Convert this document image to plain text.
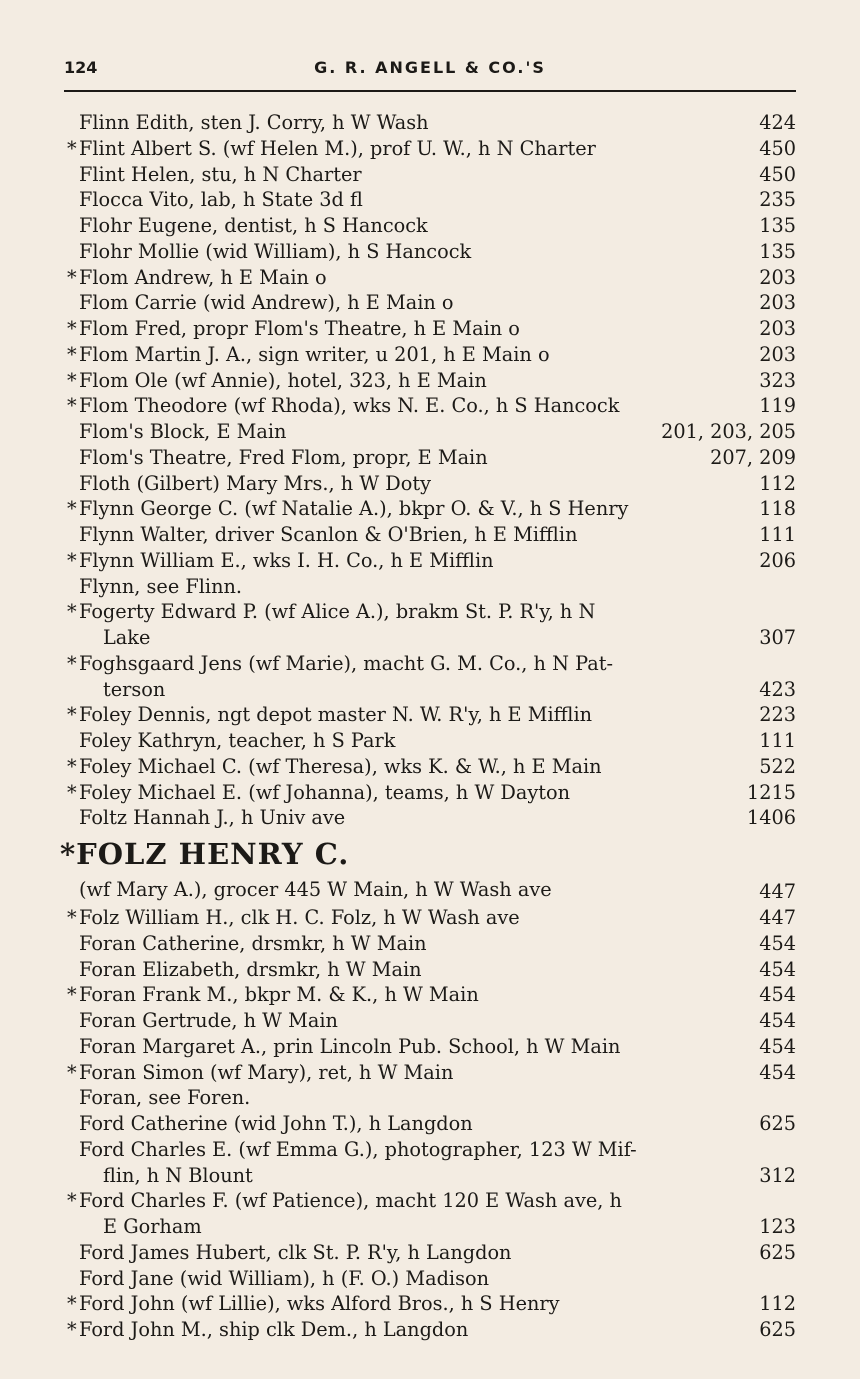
124	G. R. ANGELL & CO.'S
Flinn Edith, sten J. Corry, h W Wash	424
* Flint Albert S. (wf Helen M.), prof U. W., h N Charter	450
Flint Helen, stu, h N Charter	450
Flocca Vito, lab, h State 3d fl	235
Flohr Eugene, dentist, h S Hancock	135
Flohr Mollie (wid William), h S Hancock	135
* Flom Andrew, h E Main o	203
Flom Carrie (wid Andrew), h E Main o	203
* Flom Fred, propr Flom's Theatre, h E Main o	203
* Flom Martin J. A., sign writer, u 201, h E Main o	203
* Flom Ole (wf Annie), hotel, 323, h E Main	323
* Flom Theodore (wf Rhoda), wks N. E. Co., h S Hancock	119
Flom's Block, E Main	201, 203, 205
Flom's Theatre, Fred Flom, propr, E Main	207, 209
Floth (Gilbert) Mary Mrs., h W Doty	112
* Flynn George C. (wf Natalie A.), bkpr O. & V., h S Henry	118
Flynn Walter, driver Scanlon & O'Brien, h E Mifflin	111
* Flynn William E., wks I. H. Co., h E Mifflin	206
Flynn, see Flinn.
* Fogerty Edward P. (wf Alice A.), brakm St. P. R'y, h N
Lake	307
* Foghsgaard Jens (wf Marie), macht G. M. Co., h N Pat-
terson	423
* Foley Dennis, ngt depot master N. W. R'y, h E Mifflin	223
Foley Kathryn, teacher, h S Park	111
* Foley Michael C. (wf Theresa), wks K. & W., h E Main	522
* Foley Michael E. (wf Johanna), teams, h W Dayton	1215
Foltz Hannah J., h Univ ave	1406
*FOLZ HENRY C.
(wf Mary A.), grocer 445 W Main, h W Wash ave	447
* Folz William H., clk H. C. Folz, h W Wash ave	447
Foran Catherine, drsmkr, h W Main	454
Foran Elizabeth, drsmkr, h W Main	454
* Foran Frank M., bkpr M. & K., h W Main	454
Foran Gertrude, h W Main	454
Foran Margaret A., prin Lincoln Pub. School, h W Main	454
* Foran Simon (wf Mary), ret, h W Main	454
Foran, see Foren.
Ford Catherine (wid John T.), h Langdon	625
Ford Charles E. (wf Emma G.), photographer, 123 W Mif-
flin, h N Blount	312
* Ford Charles F. (wf Patience), macht 120 E Wash ave, h
E Gorham	123
Ford James Hubert, clk St. P. R'y, h Langdon	625
Ford Jane (wid William), h (F. O.) Madison
* Ford John (wf Lillie), wks Alford Bros., h S Henry	112
* Ford John M., ship clk Dem., h Langdon	625
